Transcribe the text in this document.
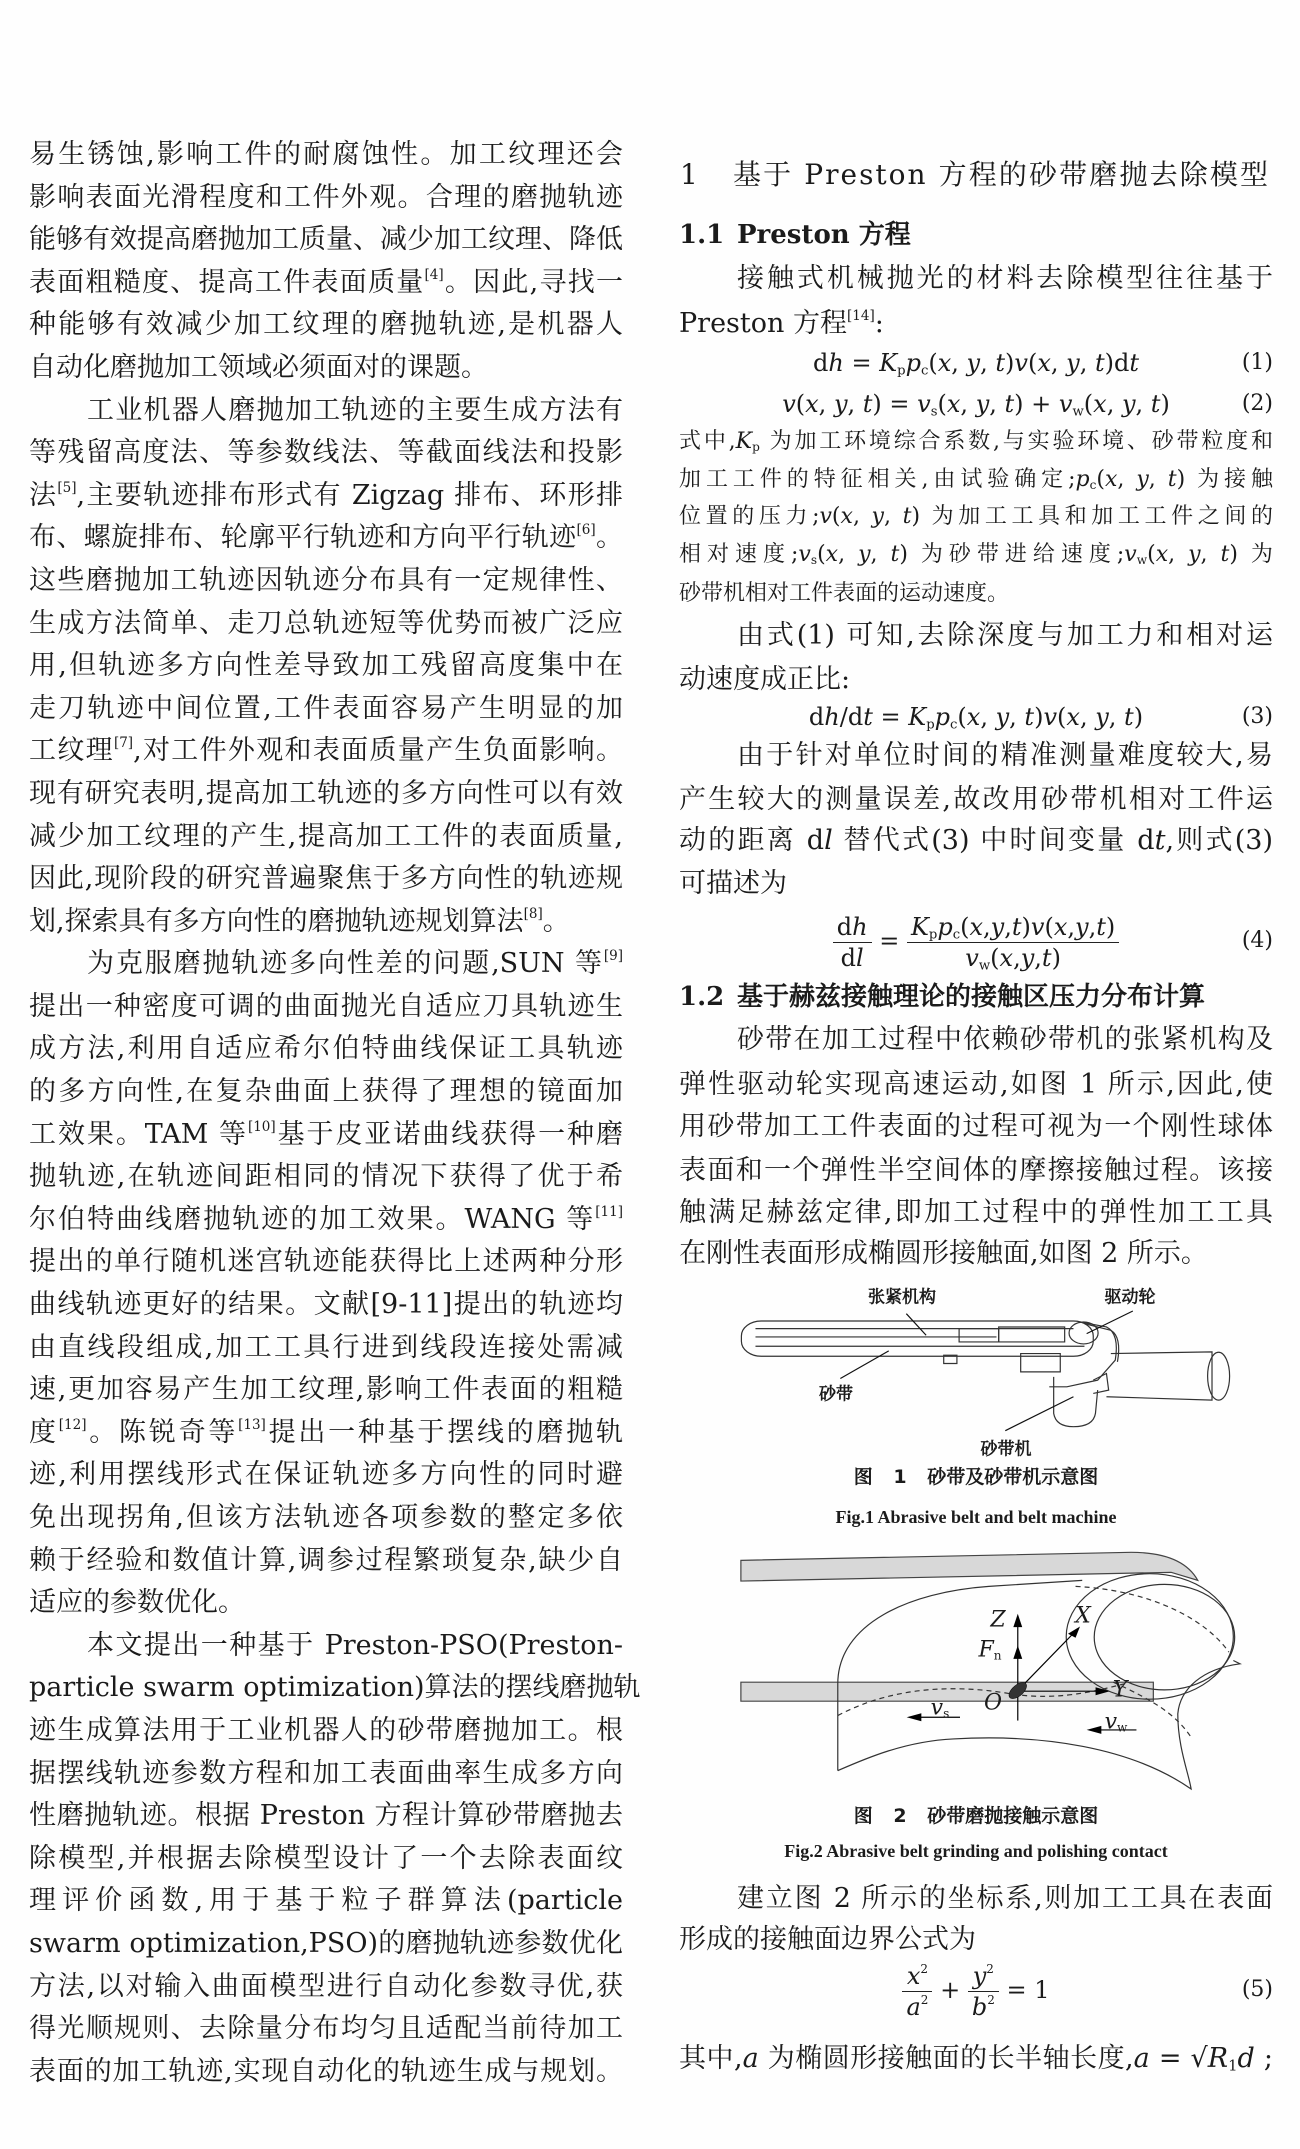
易生锈蚀,影响工件的耐腐蚀性。加工纹理还会
影响表面光滑程度和工件外观。合理的磨抛轨迹
能够有效提高磨抛加工质量、减少加工纹理、降低
表面粗糙度、提高工件表面质量[4]。因此,寻找一
种能够有效减少加工纹理的磨抛轨迹,是机器人
自动化磨抛加工领域必须面对的课题。
工业机器人磨抛加工轨迹的主要生成方法有
等残留高度法、等参数线法、等截面线法和投影
法[5],主要轨迹排布形式有 Zigzag 排布、环形排
布、螺旋排布、轮廓平行轨迹和方向平行轨迹[6]。
这些磨抛加工轨迹因轨迹分布具有一定规律性、
生成方法简单、走刀总轨迹短等优势而被广泛应
用,但轨迹多方向性差导致加工残留高度集中在
走刀轨迹中间位置,工件表面容易产生明显的加
工纹理[7],对工件外观和表面质量产生负面影响。
现有研究表明,提高加工轨迹的多方向性可以有效
减少加工纹理的产生,提高加工工件的表面质量,
因此,现阶段的研究普遍聚焦于多方向性的轨迹规
划,探索具有多方向性的磨抛轨迹规划算法[8]。
为克服磨抛轨迹多向性差的问题,SUN 等[9]
提出一种密度可调的曲面抛光自适应刀具轨迹生
成方法,利用自适应希尔伯特曲线保证工具轨迹
的多方向性,在复杂曲面上获得了理想的镜面加
工效果。TAM 等[10]基于皮亚诺曲线获得一种磨
抛轨迹,在轨迹间距相同的情况下获得了优于希
尔伯特曲线磨抛轨迹的加工效果。WANG 等[11]
提出的单行随机迷宫轨迹能获得比上述两种分形
曲线轨迹更好的结果。文献[9-11]提出的轨迹均
由直线段组成,加工工具行进到线段连接处需减
速,更加容易产生加工纹理,影响工件表面的粗糙
度[12]。陈锐奇等[13]提出一种基于摆线的磨抛轨
迹,利用摆线形式在保证轨迹多方向性的同时避
免出现拐角,但该方法轨迹各项参数的整定多依
赖于经验和数值计算,调参过程繁琐复杂,缺少自
适应的参数优化。
本文提出一种基于 Preston-PSO(Preston-
particle swarm optimization)算法的摆线磨抛轨
迹生成算法用于工业机器人的砂带磨抛加工。根
据摆线轨迹参数方程和加工表面曲率生成多方向
性磨抛轨迹。根据 Preston 方程计算砂带磨抛去
除模型,并根据去除模型设计了一个去除表面纹
理评价函数,用于基于粒子群算法(particle
swarm optimization,PSO)的磨抛轨迹参数优化
方法,以对输入曲面模型进行自动化参数寻优,获
得光顺规则、去除量分布均匀且适配当前待加工
表面的加工轨迹,实现自动化的轨迹生成与规划。
1 基于 Preston 方程的砂带磨抛去除模型
1.1 Preston 方程
接触式机械抛光的材料去除模型往往基于
Preston 方程[14]:
dh = $K_pp_c(x$, y, t)v(x, y, t)dt	(1)
v(x, y, $t) = v_s(x$, y, $t) + v_w(x$, y, t)	(2)
式中$,K_p$ 为加工环境综合系数,与实验环境、砂带粒度和
加工工件的特征相关,由试验确定$;p_c(x$, y, t) 为接触
位置的压力;v(x, y, t) 为加工工具和加工工件之间的
相对速度$;v_s(x$, y, t) 为砂带进给速度$;v_w(x$, y, t) 为
砂带机相对工件表面的运动速度。
由式(1) 可知,去除深度与加工力和相对运
动速度成正比:
$dh/dt = K_pp_c(x$, y, t)v(x, y, t)	(3)
由于针对单位时间的精准测量难度较大,易
产生较大的测量误差,故改用砂带机相对工件运
动的距离 dl 替代式(3) 中时间变量 dt,则式(3)
可描述为
$\frac{dh}{dl} = \frac{K_pp_c(x,y,t)v(x,y,t)}{v_w(x,y,t)}$	(4)
1.2 基于赫兹接触理论的接触区压力分布计算
砂带在加工过程中依赖砂带机的张紧机构及
弹性驱动轮实现高速运动,如图 1 所示,因此,使
用砂带加工工件表面的过程可视为一个刚性球体
表面和一个弹性半空间体的摩擦接触过程。该接
触满足赫兹定律,即加工过程中的弹性加工工具
在刚性表面形成椭圆形接触面,如图 2 所示。
张紧机构	驱动轮
砂带
砂带机
图 1 砂带及砂带机示意图
Fig.1 Abrasive belt and belt machine
Z	X
Y
O
$F_n$
$v_s$	$v_w$
图 2 砂带磨抛接触示意图
Fig.2 Abrasive belt grinding and polishing contact
建立图 2 所示的坐标系,则加工工具在表面
形成的接触面边界公式为
$\frac{x^2}{a^2} + \frac{y^2}{b^2} = 1$	(5)
其中,a 为椭圆形接触面的长半轴长度$,a = √R_1d$ ;
